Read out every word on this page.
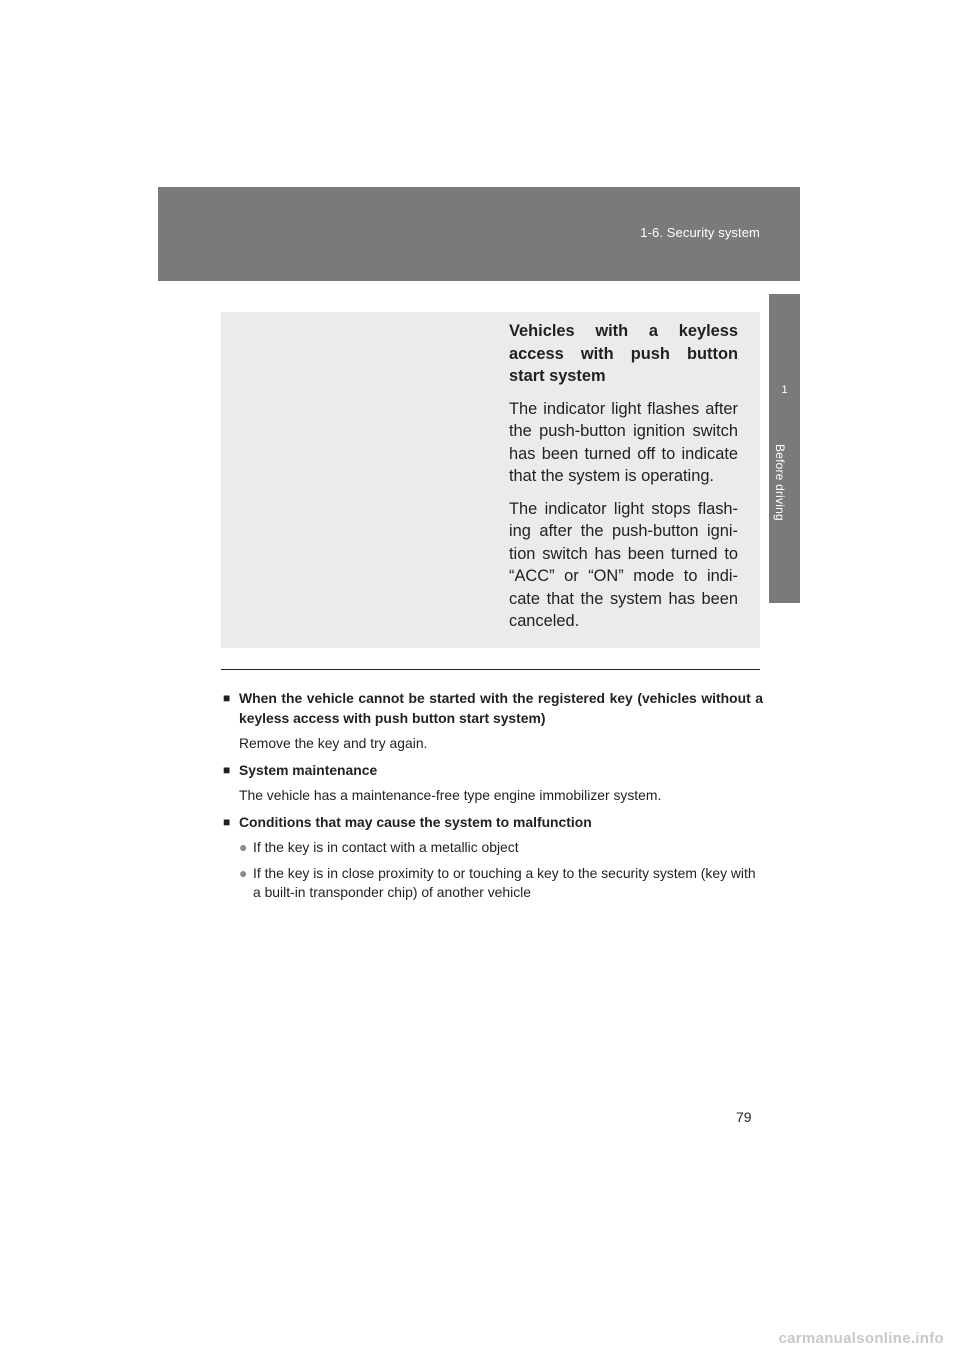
1-6. Security system
1
Before driving

Vehicles with a keyless access with push button start system

The indicator light flashes after the push-button ignition switch has been turned off to indicate that the system is operating.

The indicator light stops flash-ing after the push-button igni-tion switch has been turned to “ACC” or “ON” mode to indi-cate that the system has been canceled.

■ When the vehicle cannot be started with the registered key (vehicles without a keyless access with push button start system)
Remove the key and try again.
■ System maintenance
The vehicle has a maintenance-free type engine immobilizer system.
■ Conditions that may cause the system to malfunction
● If the key is in contact with a metallic object
● If the key is in close proximity to or touching a key to the security system (key with a built-in transponder chip) of another vehicle
79
carmanualsonline.info
